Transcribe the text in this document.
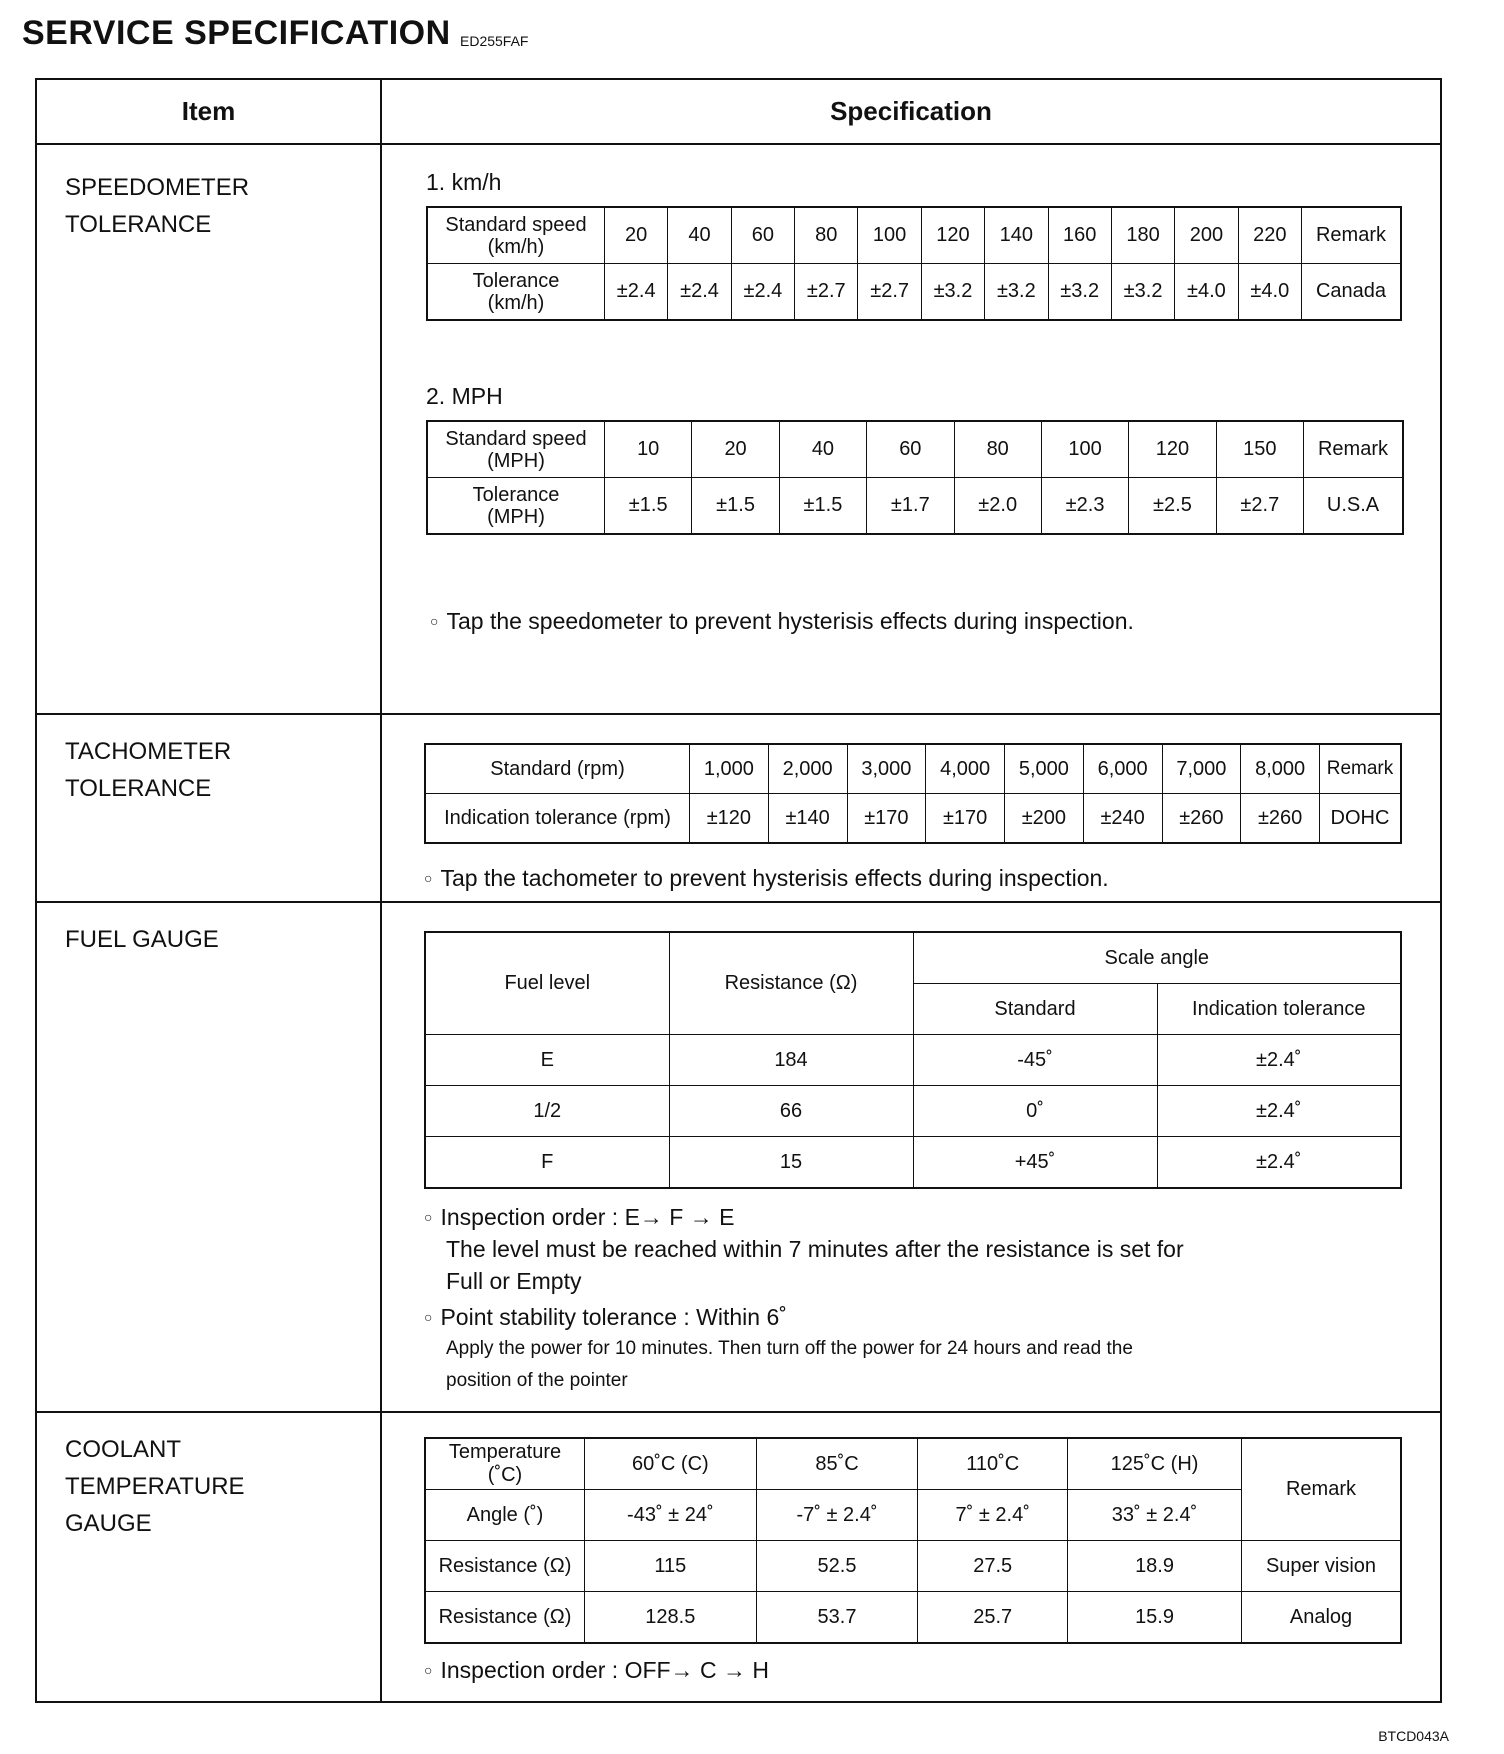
SERVICE SPECIFICATION ED255FAF
Item	Specification

SPEEDOMETER
TOLERANCE

1. km/h
Standard speed
(km/h)
	20	40	60	80	100	120	140	160	180	200	220	Remark

Tolerance
(km/h)
	±2.4	±2.4	±2.4	±2.7	±2.7	±3.2	±3.2	±3.2	±3.2	±4.0	±4.0	Canada
2. MPH
Standard speed
(MPH)
	10	20	40	60	80	100	120	150	Remark

Tolerance
(MPH)
	±1.5	±1.5	±1.5	±1.7	±2.0	±2.3	±2.5	±2.7	U.S.A
○ Tap the speedometer to prevent hysterisis effects during inspection.

TACHOMETER
TOLERANCE

Standard (rpm)	1,000	2,000	3,000	4,000	5,000	6,000	7,000	8,000	Remark
Indication tolerance (rpm)	±120	±140	±170	±170	±200	±240	±260	±260	DOHC
○ Tap the tachometer to prevent hysterisis effects during inspection.

FUEL GAUGE

Fuel level	Resistance (Ω)	Scale angle
Standard	Indication tolerance
E	184	-45˚	±2.4˚
1/2	66	0˚	±2.4˚
F	15	+45˚	±2.4˚
○ Inspection order : E→ F → E
The level must be reached within 7 minutes after the resistance is set for
Full or Empty
○ Point stability tolerance : Within 6˚
Apply the power for 10 minutes. Then turn off the power for 24 hours and read the
position of the pointer

COOLANT
TEMPERATURE
GAUGE

Temperature (˚C)	60˚C (C)	85˚C	110˚C	125˚C (H)	Remark
Angle (˚)	-43˚ ± 24˚	-7˚ ± 2.4˚	7˚ ± 2.4˚	33˚ ± 2.4˚
Resistance (Ω)	115	52.5	27.5	18.9	Super vision
Resistance (Ω)	128.5	53.7	25.7	15.9	Analog
○ Inspection order : OFF→ C → H
BTCD043A
